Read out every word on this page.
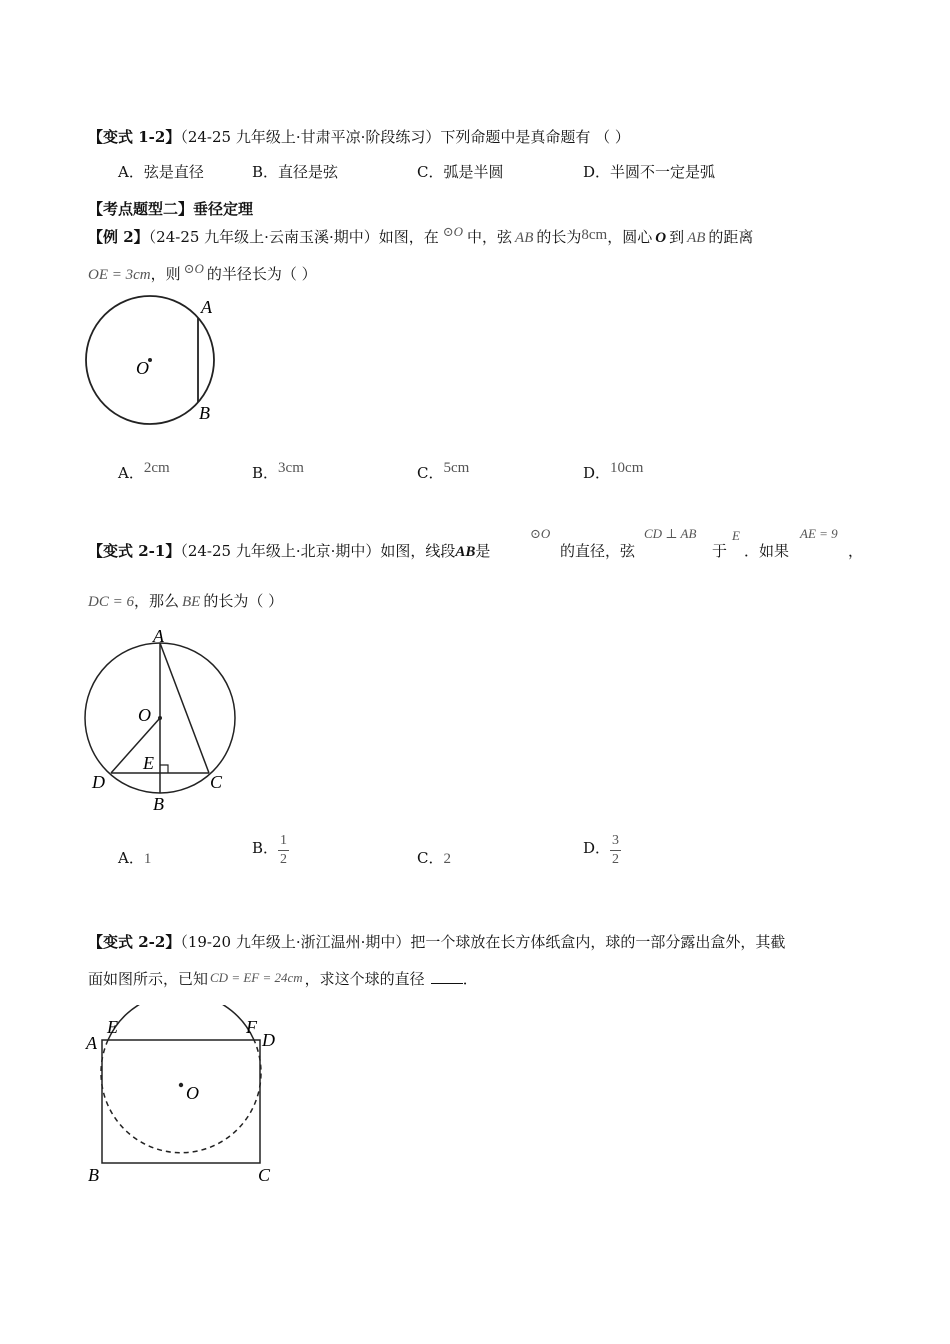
【变式 1-2】（24-25 九年级上·甘肃平凉·阶段练习）下列命题中是真命题有 （ ）
A．弦是直径	B．直径是弦	C．弧是半圆	D．半圆不一定是弧
【考点题型二】垂径定理
【例 2】（24-25 九年级上·云南玉溪·期中）如图，在 ⊙O 中，弦 AB 的长为8cm，圆心 O 到 AB 的距离
OE = 3cm，则 ⊙O 的半径长为（ ）
A
B
O
A．2cm	B．3cm	C．5cm	D．10cm
【变式 2-1】（24-25 九年级上·北京·期中）如图，线段AB是
⊙O
的直径，弦
CD ⊥ AB
于
E
．如果
AE = 9
，
DC = 6，那么 BE 的长为（ ）
A
O
E
D	C
B
A．1
B． $\frac{1}{2}$	C．2
D． $\frac{3}{2}$
【变式 2-2】（19-20 九年级上·浙江温州·期中）把一个球放在长方体纸盒内，球的一部分露出盒外，其截
面如图所示，已知 CD = EF = 24cm ，求这个球的直径	．
E	F
A	D
O
B	C
